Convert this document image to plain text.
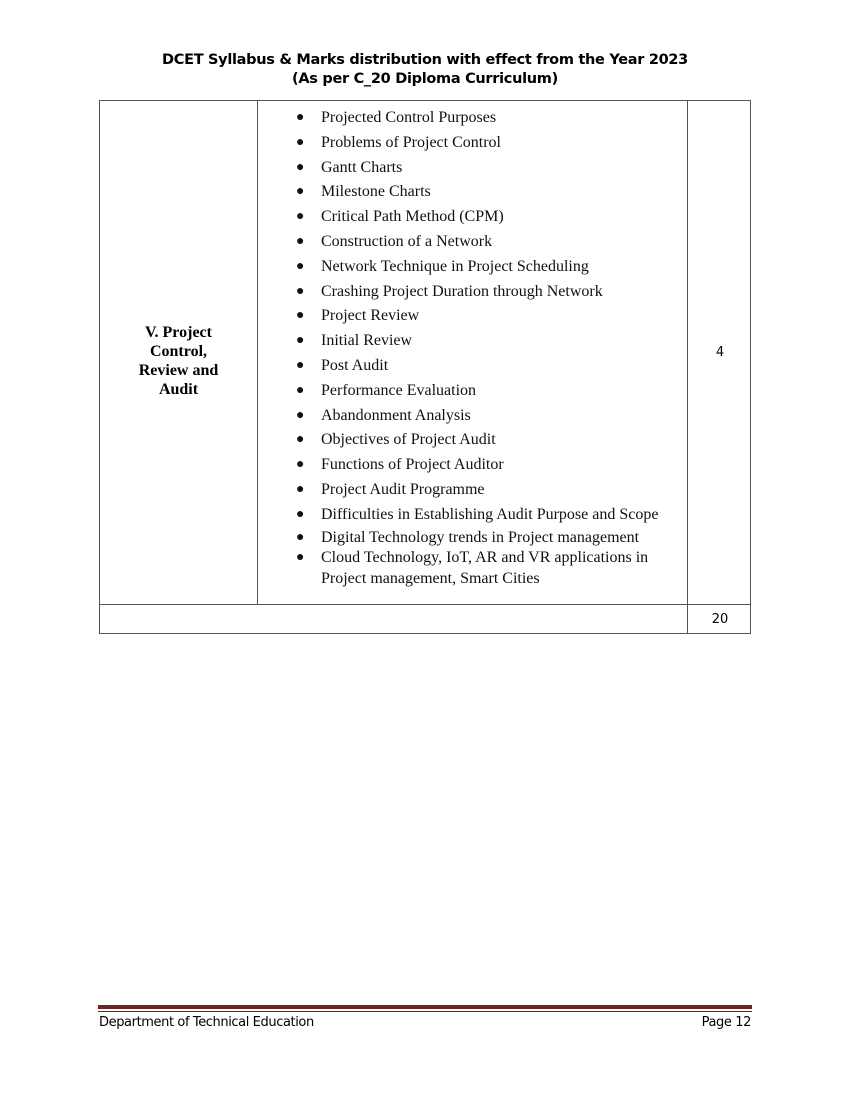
DCET Syllabus & Marks distribution with effect from the Year 2023
(As per C_20 Diploma Curriculum)
V. Project
Control,
Review and
Audit
● Projected Control Purposes
● Problems of Project Control
● Gantt Charts
● Milestone Charts
● Critical Path Method (CPM)
● Construction of a Network
● Network Technique in Project Scheduling
● Crashing Project Duration through Network
● Project Review
● Initial Review
● Post Audit
● Performance Evaluation
● Abandonment Analysis
● Objectives of Project Audit
● Functions of Project Auditor
● Project Audit Programme
● Difficulties in Establishing Audit Purpose and Scope
● Digital Technology trends in Project management
● Cloud Technology, IoT, AR and VR applications in Project management, Smart Cities
4
20
Department of Technical Education	Page 12
